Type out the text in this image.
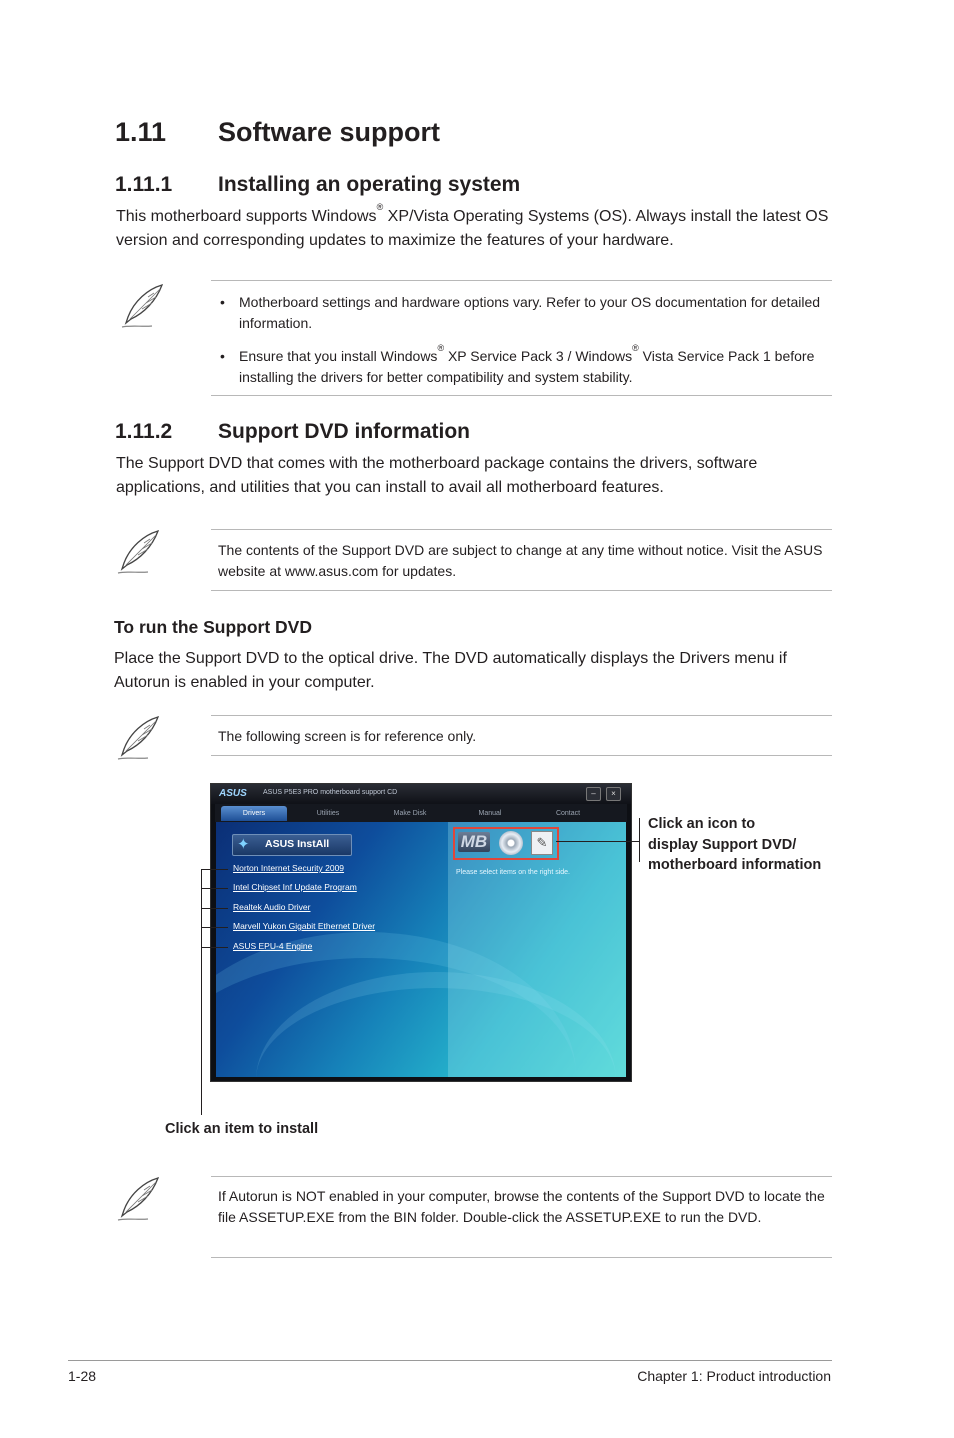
1.11 Software support
1.11.1 Installing an operating system
This motherboard supports Windows® XP/Vista Operating Systems (OS). Always install the latest OS version and corresponding updates to maximize the features of your hardware.
• Motherboard settings and hardware options vary. Refer to your OS documentation for detailed information.
• Ensure that you install Windows® XP Service Pack 3 / Windows® Vista Service Pack 1 before installing the drivers for better compatibility and system stability.
1.11.2 Support DVD information
The Support DVD that comes with the motherboard package contains the drivers, software applications, and utilities that you can install to avail all motherboard features.
The contents of the Support DVD are subject to change at any time without notice. Visit the ASUS website at www.asus.com for updates.
To run the Support DVD
Place the Support DVD to the optical drive. The DVD automatically displays the Drivers menu if Autorun is enabled in your computer.
The following screen is for reference only.
ASUS ASUS P5E3 PRO motherboard support CD	–	×
Drivers	Utilities	Make Disk	Manual	Contact
✦ ASUS InstAll
Norton Internet Security 2009
Intel Chipset Inf Update Program
Realtek Audio Driver
Marvell Yukon Gigabit Ethernet Driver
ASUS EPU-4 Engine
MB	✎
Please select items on the right side.
Click an icon to
display Support DVD/
motherboard information
Click an item to install
If Autorun is NOT enabled in your computer, browse the contents of the Support DVD to locate the file ASSETUP.EXE from the BIN folder. Double-click the ASSETUP.EXE to run the DVD.
1-28	Chapter 1: Product introduction
